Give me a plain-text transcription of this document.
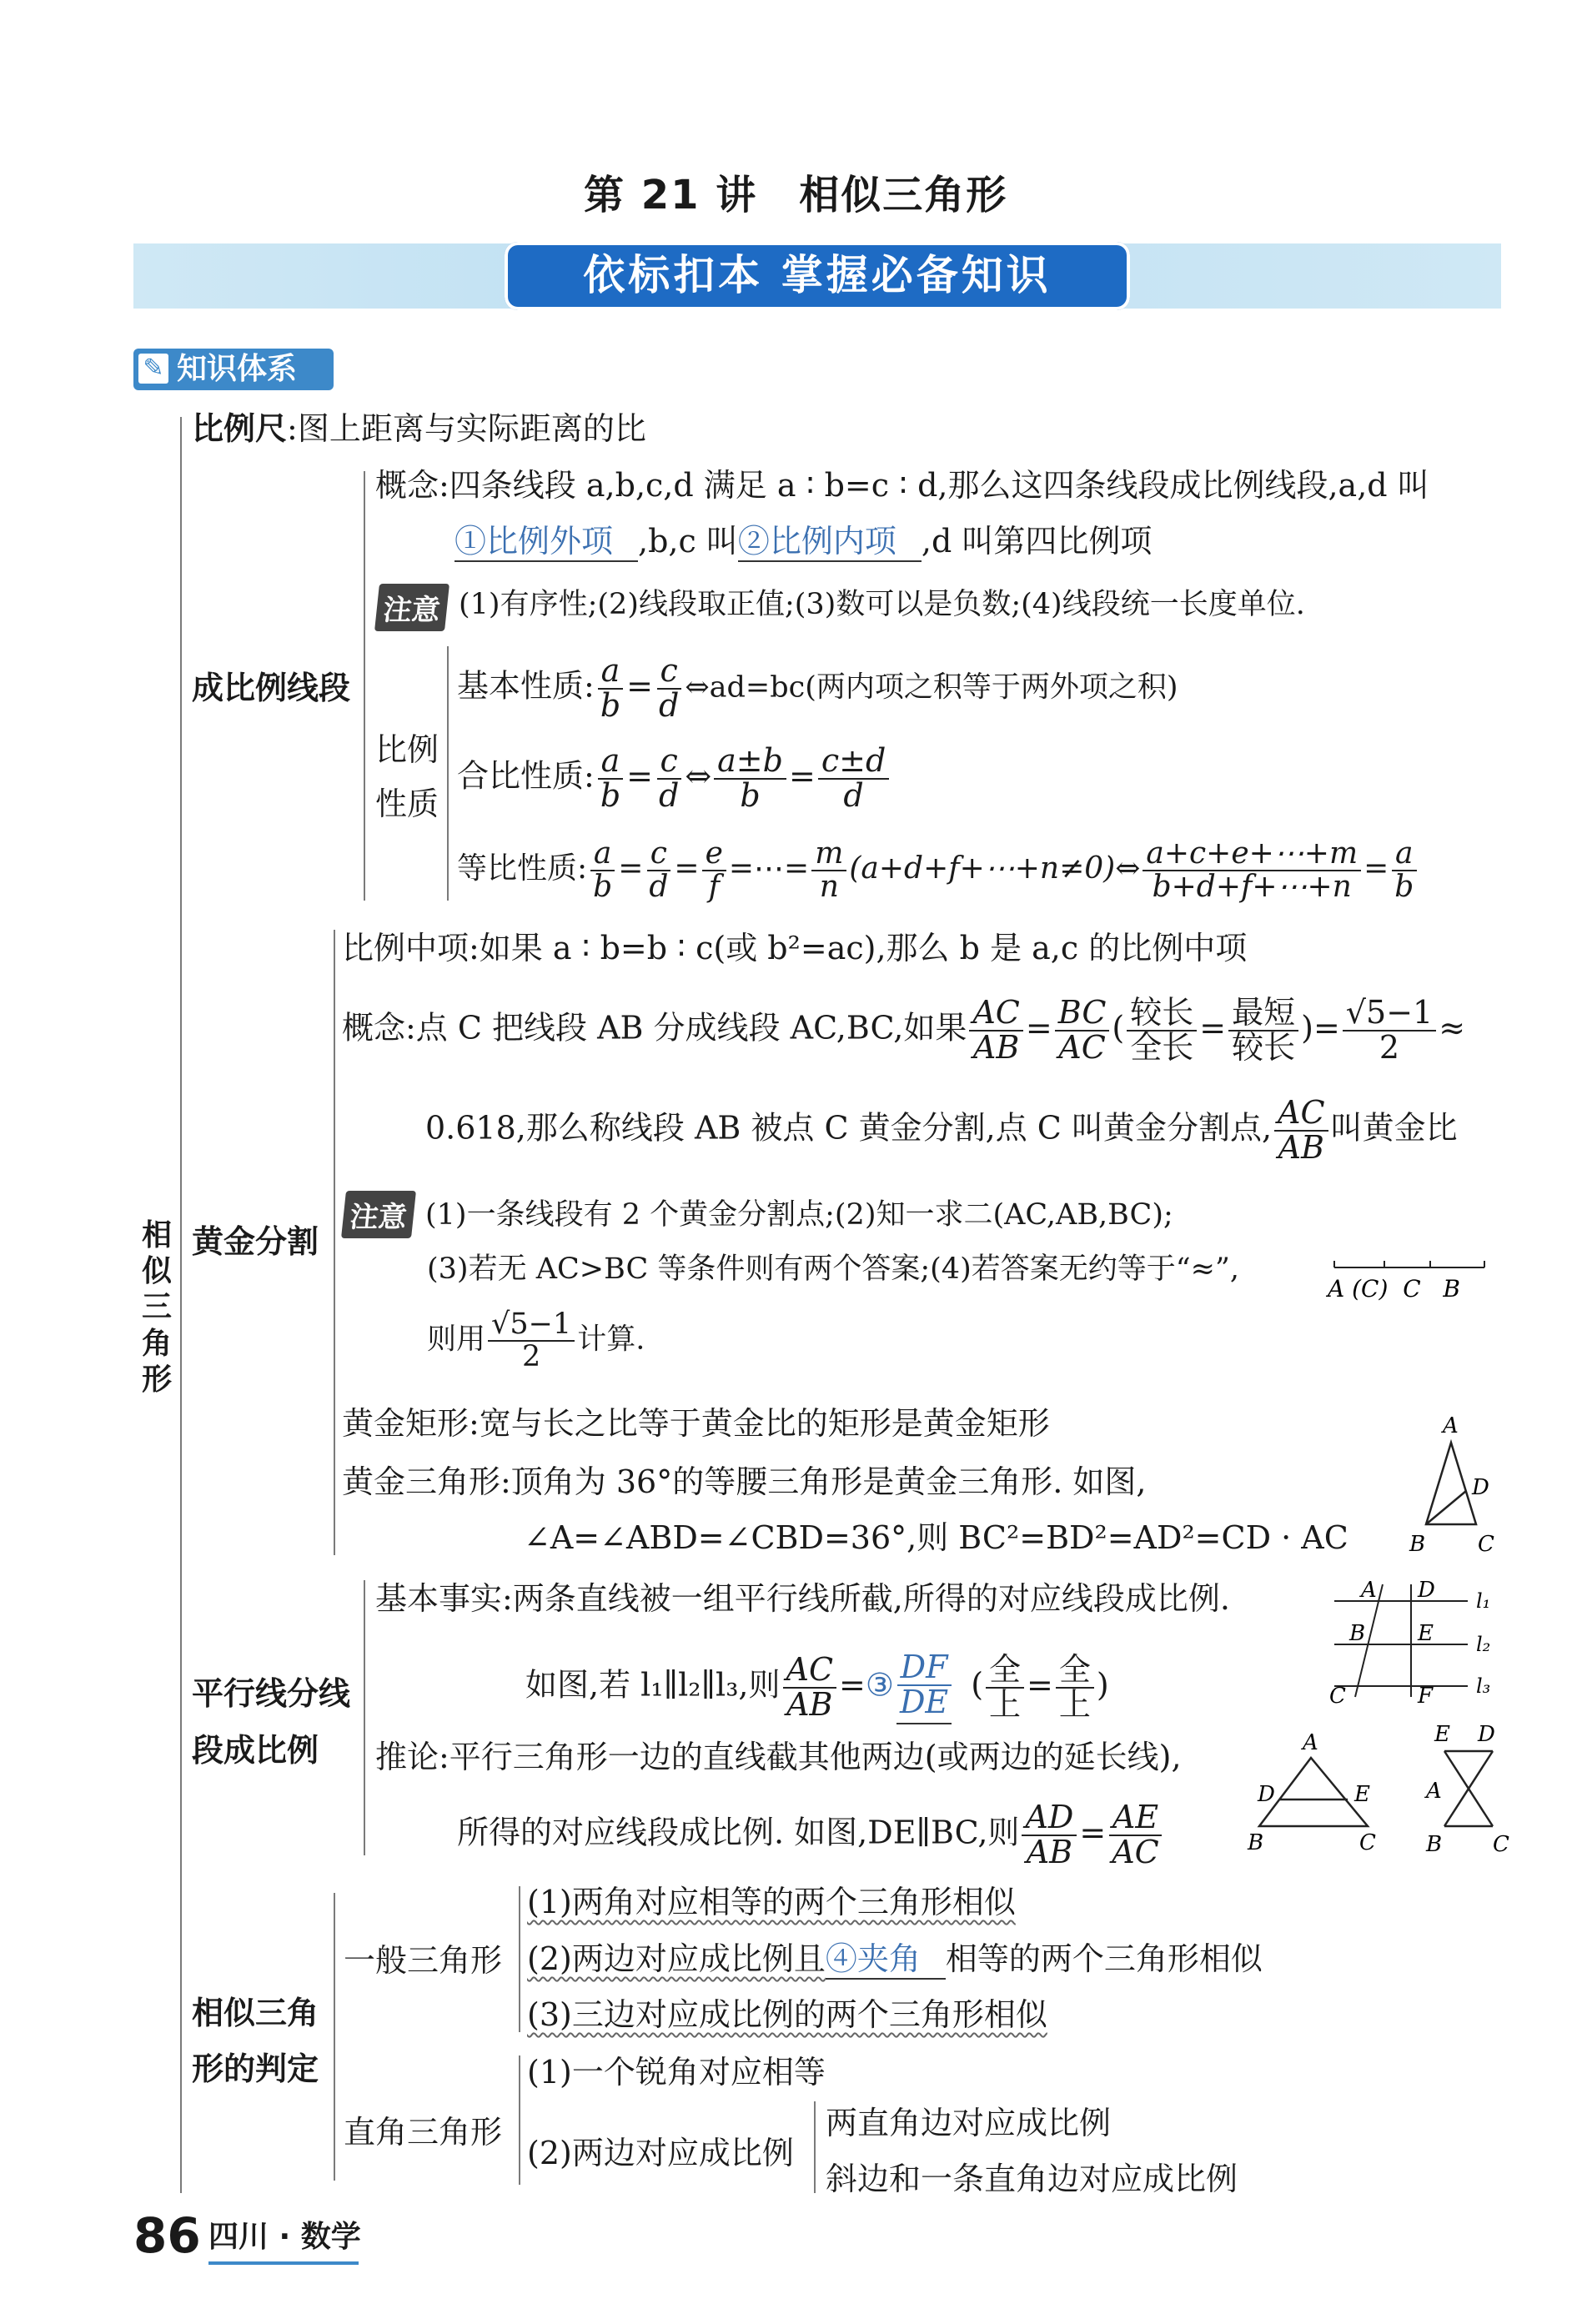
第 21 讲　相似三角形
依标扣本 掌握必备知识
✎ 知识体系
相似三角形
比例尺:图上距离与实际距离的比
成比例线段
概念:四条线段 a,b,c,d 满足 a ∶ b=c ∶ d,那么这四条线段成比例线段,a,d 叫
①比例外项 ,b,c 叫②比例内项 ,d 叫第四比例项
注意 (1)有序性;(2)线段取正值;(3)数可以是负数;(4)线段统一长度单位.
比例
性质
基本性质: $\frac{a}{b} = \frac{c}{d}$ ⇔ad=bc(两内项之积等于两外项之积)
合比性质: $\frac{a}{b} = \frac{c}{d}$ ⇔ $\frac{a\pm b}{b} = \frac{c\pm d}{d}$
等比性质: $\frac{a}{b} = \frac{c}{d} = \frac{e}{f}$ =⋯= $\frac{m}{n}$ (a+d+f+⋯+n≠0)⇔ $\frac{a+c+e+\cdots+m}{b+d+f+\cdots+n} = \frac{a}{b}$
黄金分割
比例中项:如果 a ∶ b=b ∶ c(或 b²=ac),那么 b 是 a,c 的比例中项
概念:点 C 把线段 AB 分成线段 AC,BC,如果 $\frac{AC}{AB} = \frac{BC}{AC}$ ( $\frac{\text{较长}}{\text{全长}} = \frac{\text{最短}}{\text{较长}}$ )= $\frac{√5-1}{2}$ ≈
0.618,那么称线段 AB 被点 C 黄金分割,点 C 叫黄金分割点, $\frac{AC}{AB}$ 叫黄金比
注意 (1)一条线段有 2 个黄金分割点;(2)知一求二(AC,AB,BC);
(3)若无 AC>BC 等条件则有两个答案;(4)若答案无约等于“≈”,
则用 $\frac{√5-1}{2}$ 计算.
A (C)  C   B
黄金矩形:宽与长之比等于黄金比的矩形是黄金矩形
黄金三角形:顶角为 36°的等腰三角形是黄金三角形. 如图,
∠A=∠ABD=∠CBD=36°,则 BC²=BD²=AD²=CD · AC
A
D
B C
平行线分线
段成比例
基本事实:两条直线被一组平行线所截,所得的对应线段成比例.
如图,若 l₁∥l₂∥l₃,则 $\frac{AC}{AB}$ =③ $\frac{DF}{DE}$ ( $\frac{\text{全}}{\text{上}} = \frac{\text{全}}{\text{上}}$ )
A D
B E
C	F
l₁
l₂
l₃
推论:平行三角形一边的直线截其他两边(或两边的延长线),
所得的对应线段成比例. 如图,DE∥BC,则 $\frac{AD}{AB} = \frac{AE}{AC}$
A
D	E
B	C
E D
A
B C
相似三角
形的判定
一般三角形
(1)两角对应相等的两个三角形相似
(2)两边对应成比例且④夹角 相等的两个三角形相似
(3)三边对应成比例的两个三角形相似
直角三角形
(1)一个锐角对应相等
(2)两边对应成比例
两直角边对应成比例
斜边和一条直角边对应成比例
86 四川 · 数学
